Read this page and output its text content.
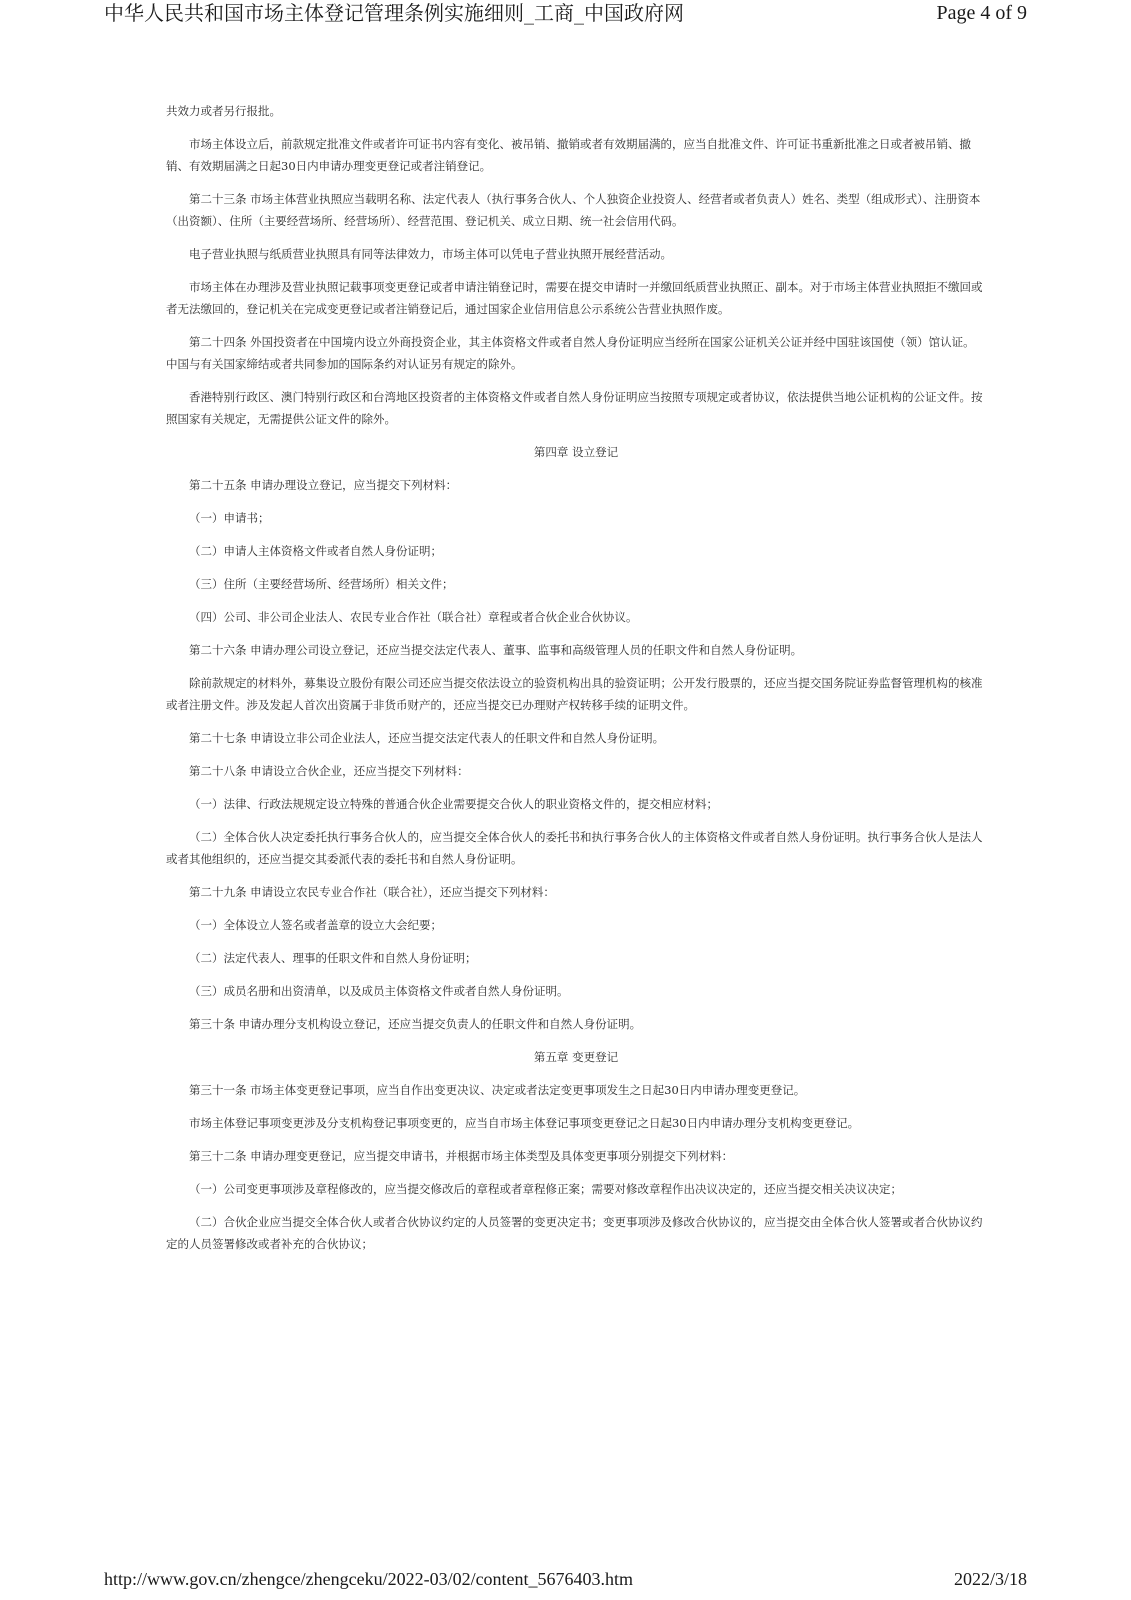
中华人民共和国市场主体登记管理条例实施细则_工商_中国政府网	Page 4 of 9

共效力或者另行报批。

市场主体设立后，前款规定批准文件或者许可证书内容有变化、被吊销、撤销或者有效期届满的，应当自批准文件、许可证书重新批准之日或者被吊销、撤销、有效期届满之日起30日内申请办理变更登记或者注销登记。

第二十三条 市场主体营业执照应当载明名称、法定代表人（执行事务合伙人、个人独资企业投资人、经营者或者负责人）姓名、类型（组成形式）、注册资本（出资额）、住所（主要经营场所、经营场所）、经营范围、登记机关、成立日期、统一社会信用代码。

电子营业执照与纸质营业执照具有同等法律效力，市场主体可以凭电子营业执照开展经营活动。

市场主体在办理涉及营业执照记载事项变更登记或者申请注销登记时，需要在提交申请时一并缴回纸质营业执照正、副本。对于市场主体营业执照拒不缴回或者无法缴回的，登记机关在完成变更登记或者注销登记后，通过国家企业信用信息公示系统公告营业执照作废。

第二十四条 外国投资者在中国境内设立外商投资企业，其主体资格文件或者自然人身份证明应当经所在国家公证机关公证并经中国驻该国使（领）馆认证。中国与有关国家缔结或者共同参加的国际条约对认证另有规定的除外。

香港特别行政区、澳门特别行政区和台湾地区投资者的主体资格文件或者自然人身份证明应当按照专项规定或者协议，依法提供当地公证机构的公证文件。按照国家有关规定，无需提供公证文件的除外。

第四章 设立登记

第二十五条 申请办理设立登记，应当提交下列材料：

（一）申请书；

（二）申请人主体资格文件或者自然人身份证明；

（三）住所（主要经营场所、经营场所）相关文件；

（四）公司、非公司企业法人、农民专业合作社（联合社）章程或者合伙企业合伙协议。

第二十六条 申请办理公司设立登记，还应当提交法定代表人、董事、监事和高级管理人员的任职文件和自然人身份证明。

除前款规定的材料外，募集设立股份有限公司还应当提交依法设立的验资机构出具的验资证明；公开发行股票的，还应当提交国务院证券监督管理机构的核准或者注册文件。涉及发起人首次出资属于非货币财产的，还应当提交已办理财产权转移手续的证明文件。

第二十七条 申请设立非公司企业法人，还应当提交法定代表人的任职文件和自然人身份证明。

第二十八条 申请设立合伙企业，还应当提交下列材料：

（一）法律、行政法规规定设立特殊的普通合伙企业需要提交合伙人的职业资格文件的，提交相应材料；

（二）全体合伙人决定委托执行事务合伙人的，应当提交全体合伙人的委托书和执行事务合伙人的主体资格文件或者自然人身份证明。执行事务合伙人是法人或者其他组织的，还应当提交其委派代表的委托书和自然人身份证明。

第二十九条 申请设立农民专业合作社（联合社），还应当提交下列材料：

（一）全体设立人签名或者盖章的设立大会纪要；

（二）法定代表人、理事的任职文件和自然人身份证明；

（三）成员名册和出资清单，以及成员主体资格文件或者自然人身份证明。

第三十条 申请办理分支机构设立登记，还应当提交负责人的任职文件和自然人身份证明。

第五章 变更登记

第三十一条 市场主体变更登记事项，应当自作出变更决议、决定或者法定变更事项发生之日起30日内申请办理变更登记。

市场主体登记事项变更涉及分支机构登记事项变更的，应当自市场主体登记事项变更登记之日起30日内申请办理分支机构变更登记。

第三十二条 申请办理变更登记，应当提交申请书，并根据市场主体类型及具体变更事项分别提交下列材料：

（一）公司变更事项涉及章程修改的，应当提交修改后的章程或者章程修正案；需要对修改章程作出决议决定的，还应当提交相关决议决定；

（二）合伙企业应当提交全体合伙人或者合伙协议约定的人员签署的变更决定书；变更事项涉及修改合伙协议的，应当提交由全体合伙人签署或者合伙协议约定的人员签署修改或者补充的合伙协议；

http://www.gov.cn/zhengce/zhengceku/2022-03/02/content_5676403.htm	2022/3/18
